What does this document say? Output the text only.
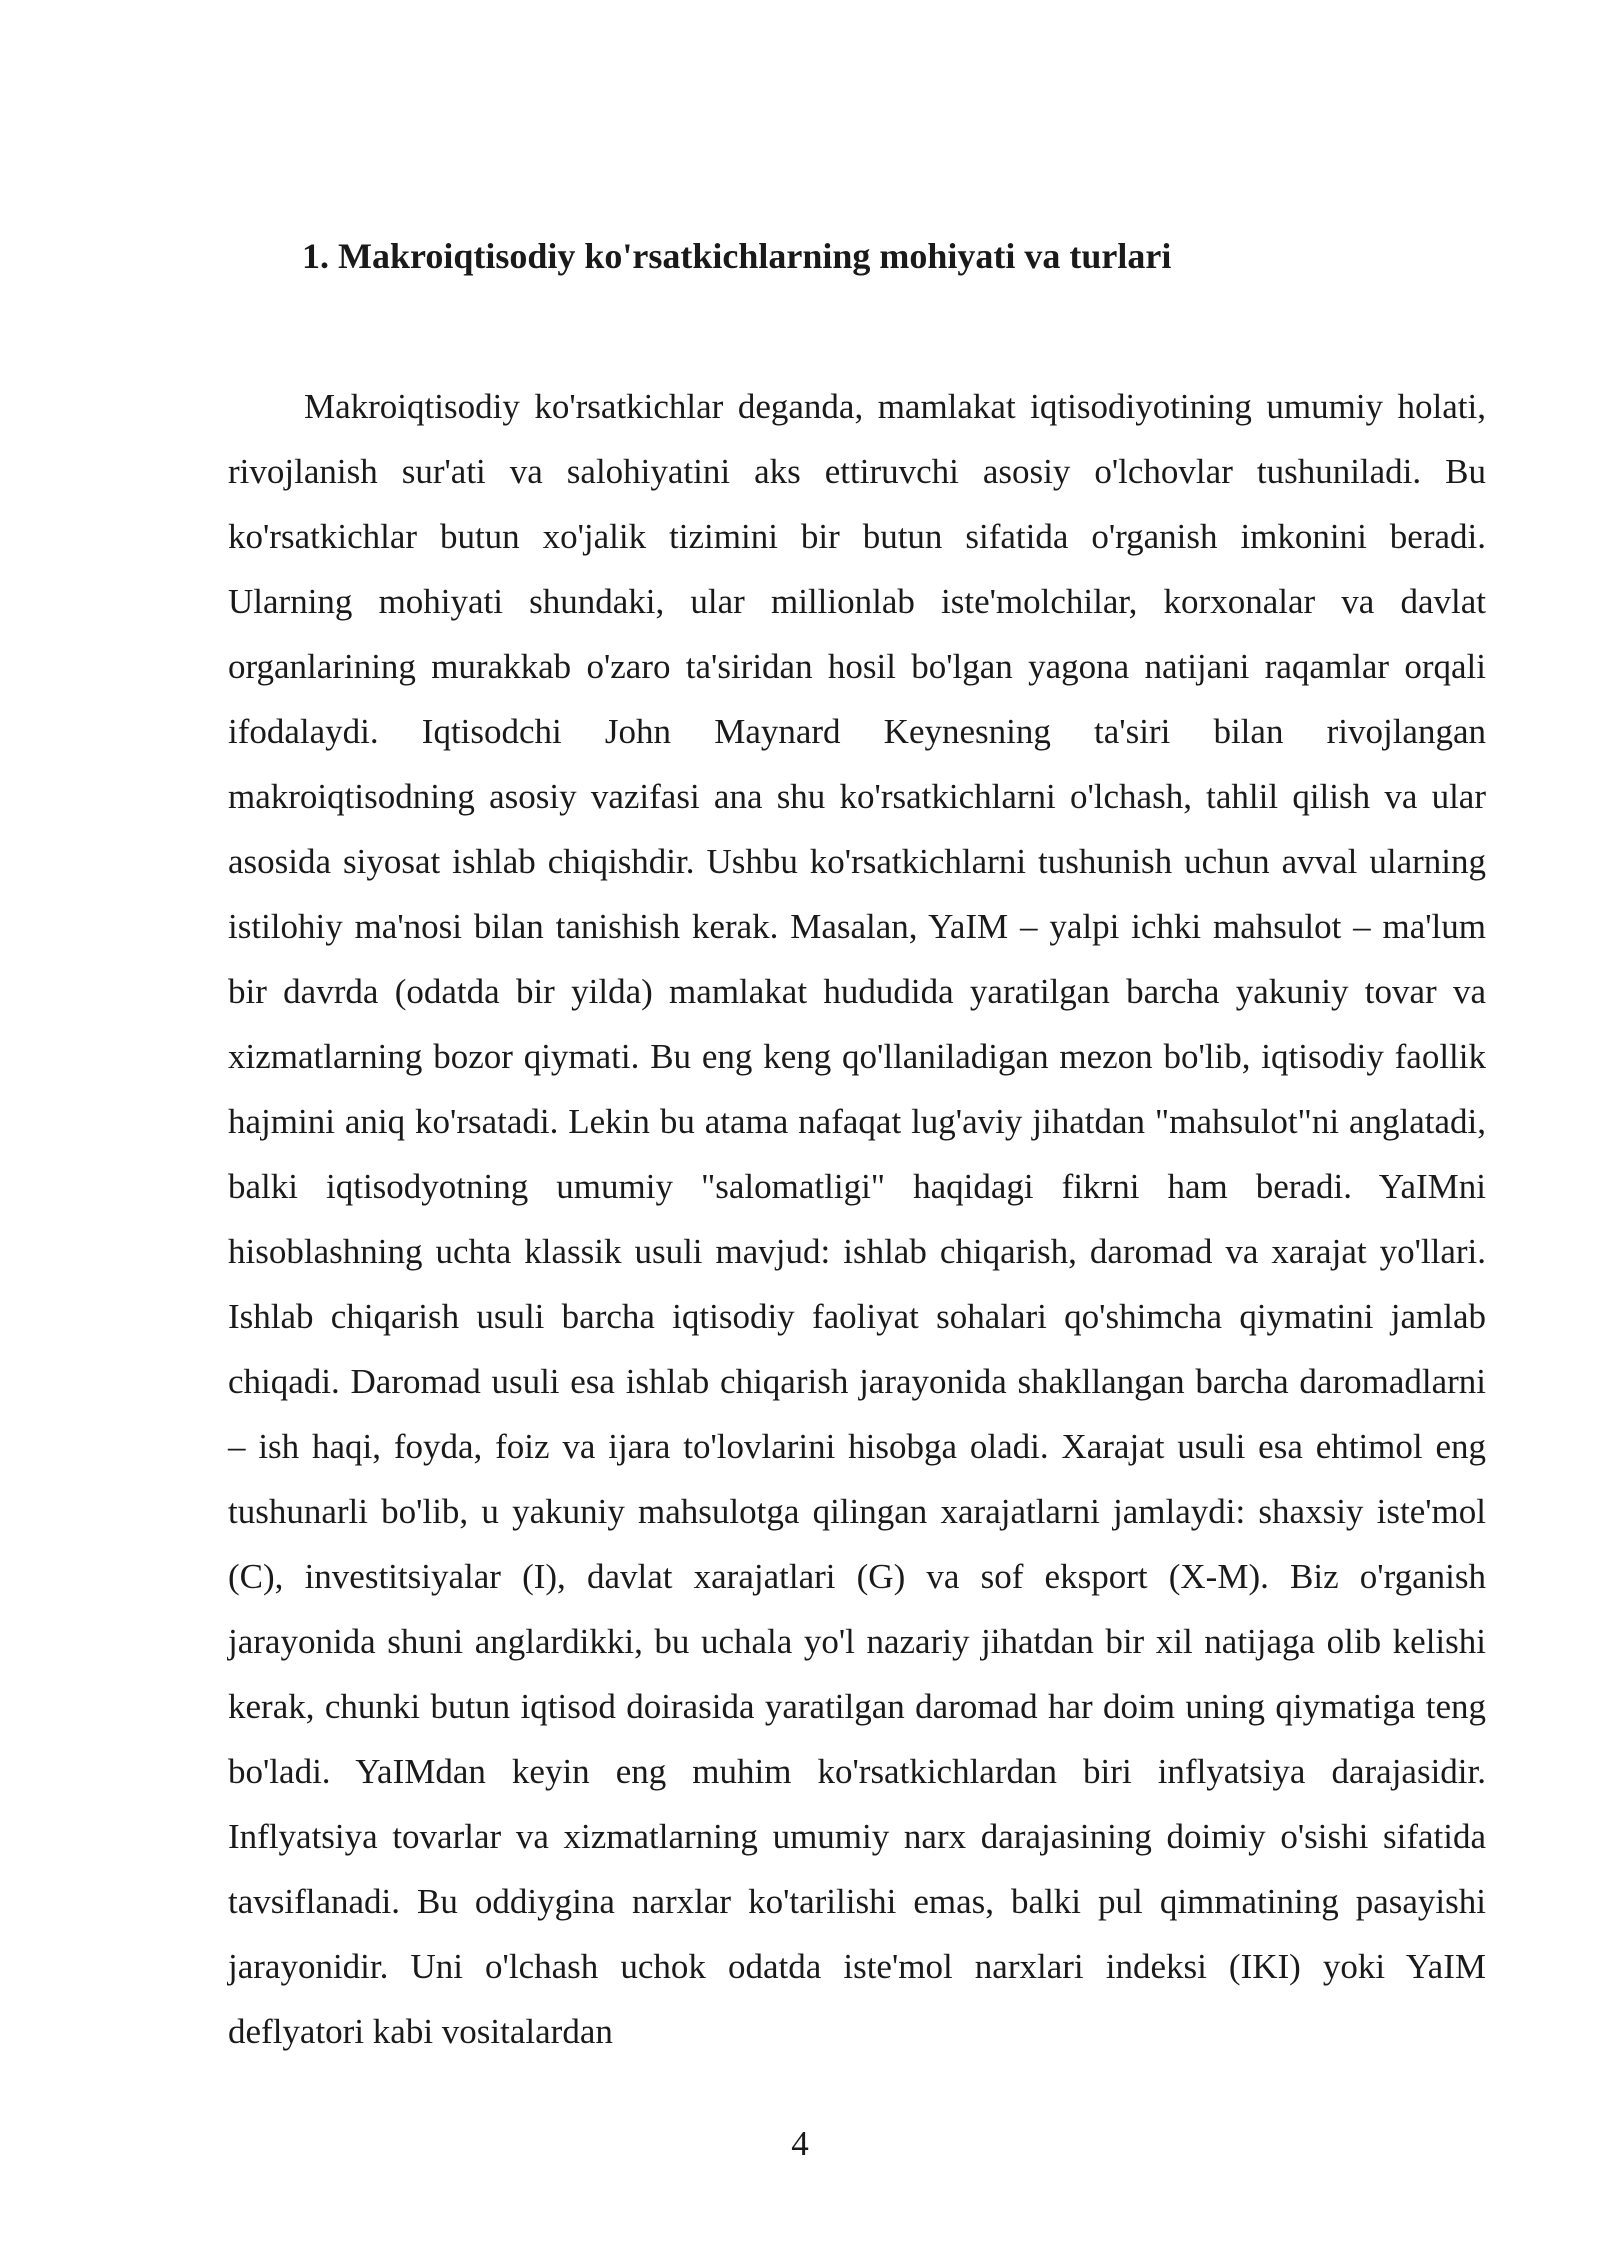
1. Makroiqtisodiy ko'rsatkichlarning mohiyati va turlari

Makroiqtisodiy ko'rsatkichlar deganda, mamlakat iqtisodiyotining umumiy holati, rivojlanish sur'ati va salohiyatini aks ettiruvchi asosiy o'lchovlar tushuniladi. Bu ko'rsatkichlar butun xo'jalik tizimini bir butun sifatida o'rganish imkonini beradi. Ularning mohiyati shundaki, ular millionlab iste'molchilar, korxonalar va davlat organlarining murakkab o'zaro ta'siridan hosil bo'lgan yagona natijani raqamlar orqali ifodalaydi. Iqtisodchi John Maynard Keynesning ta'siri bilan rivojlangan makroiqtisodning asosiy vazifasi ana shu ko'rsatkichlarni o'lchash, tahlil qilish va ular asosida siyosat ishlab chiqishdir. Ushbu ko'rsatkichlarni tushunish uchun avval ularning istilohiy ma'nosi bilan tanishish kerak. Masalan, YaIM – yalpi ichki mahsulot – ma'lum bir davrda (odatda bir yilda) mamlakat hududida yaratilgan barcha yakuniy tovar va xizmatlarning bozor qiymati. Bu eng keng qo'llaniladigan mezon bo'lib, iqtisodiy faollik hajmini aniq ko'rsatadi. Lekin bu atama nafaqat lug'aviy jihatdan "mahsulot"ni anglatadi, balki iqtisodyotning umumiy "salomatligi" haqidagi fikrni ham beradi. YaIMni hisoblashning uchta klassik usuli mavjud: ishlab chiqarish, daromad va xarajat yo'llari. Ishlab chiqarish usuli barcha iqtisodiy faoliyat sohalari qo'shimcha qiymatini jamlab chiqadi. Daromad usuli esa ishlab chiqarish jarayonida shakllangan barcha daromadlarni – ish haqi, foyda, foiz va ijara to'lovlarini hisobga oladi. Xarajat usuli esa ehtimol eng tushunarli bo'lib, u yakuniy mahsulotga qilingan xarajatlarni jamlaydi: shaxsiy iste'mol (C), investitsiyalar (I), davlat xarajatlari (G) va sof eksport (X-M). Biz o'rganish jarayonida shuni anglardikki, bu uchala yo'l nazariy jihatdan bir xil natijaga olib kelishi kerak, chunki butun iqtisod doirasida yaratilgan daromad har doim uning qiymatiga teng bo'ladi. YaIMdan keyin eng muhim ko'rsatkichlardan biri inflyatsiya darajasidir. Inflyatsiya tovarlar va xizmatlarning umumiy narx darajasining doimiy o'sishi sifatida tavsiflanadi. Bu oddiygina narxlar ko'tarilishi emas, balki pul qimmatining pasayishi jarayonidir. Uni o'lchash uchok odatda iste'mol narxlari indeksi (IKI) yoki YaIM deflyatori kabi vositalardan

4
